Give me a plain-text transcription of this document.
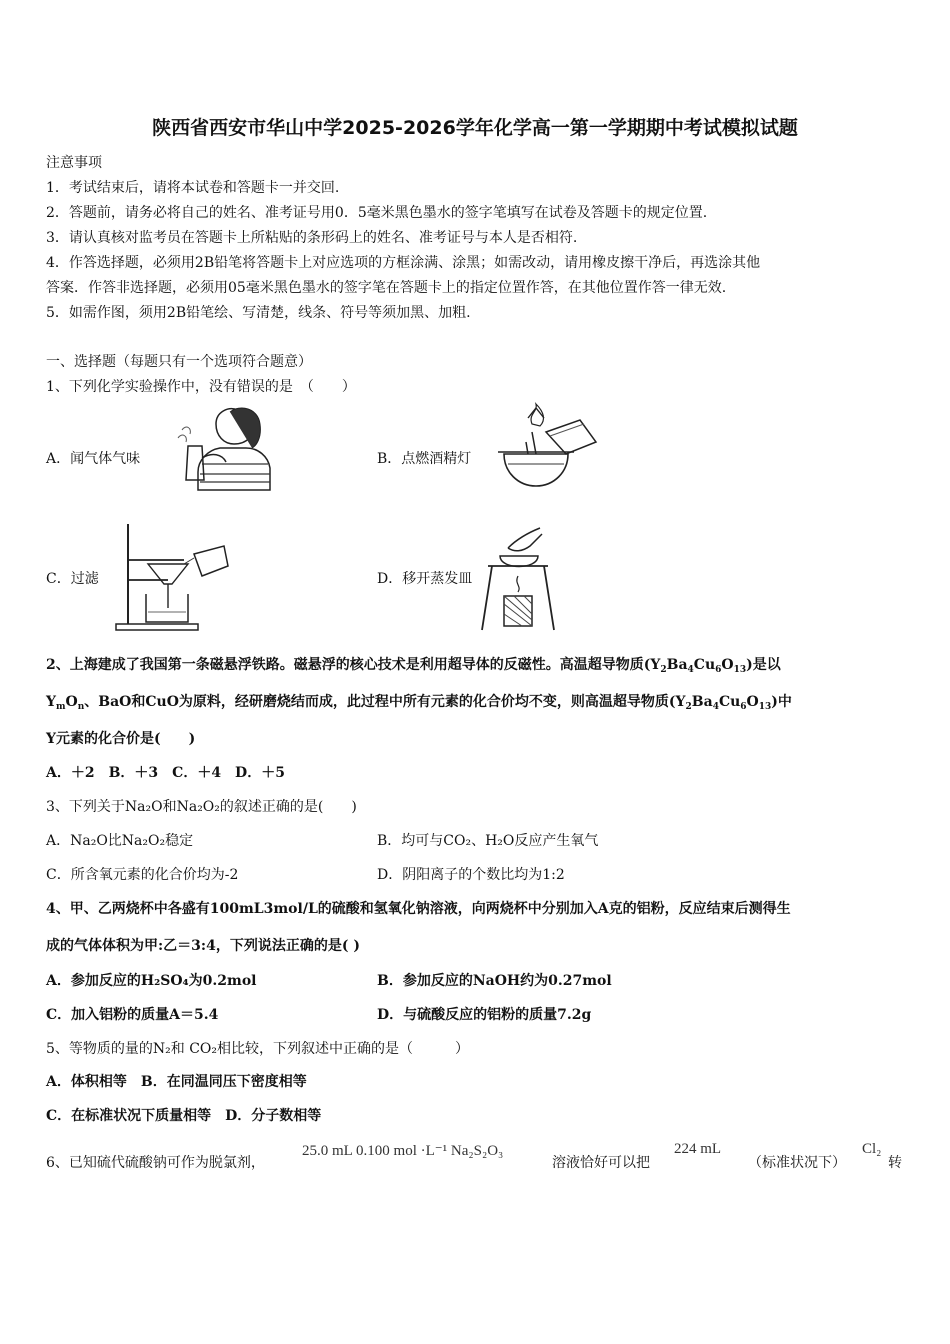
陕西省西安市华山中学2025-2026学年化学高一第一学期期中考试模拟试题
注意事项
1．考试结束后，请将本试卷和答题卡一并交回.
2．答题前，请务必将自己的姓名、准考证号用0．5毫米黑色墨水的签字笔填写在试卷及答题卡的规定位置.
3．请认真核对监考员在答题卡上所粘贴的条形码上的姓名、准考证号与本人是否相符.
4．作答选择题，必须用2B铅笔将答题卡上对应选项的方框涂满、涂黑；如需改动，请用橡皮擦干净后，再选涂其他
答案．作答非选择题，必须用05毫米黑色墨水的签字笔在答题卡上的指定位置作答，在其他位置作答一律无效.
5．如需作图，须用2B铅笔绘、写清楚，线条、符号等须加黑、加粗.
一、选择题（每题只有一个选项符合题意）
1、下列化学实验操作中，没有错误的是　（　　）
A．闻气体气味	B．点燃酒精灯
C．过滤	D．移开蒸发皿
2、上海建成了我国第一条磁悬浮铁路。磁悬浮的核心技术是利用超导体的反磁性。高温超导物质$(Y_2Ba_4Cu_6O_{13})$是以
$Y_mO_n$、BaO和CuO为原料，经研磨烧结而成，此过程中所有元素的化合价均不变，则高温超导物质$(Y_2Ba_4Cu_6O_{13})$中
Y元素的化合价是(　　)
A．＋2　B．＋3　C．＋4　D．＋5
3、下列关于Na₂O和Na₂O₂的叙述正确的是(　　)
A．Na₂O比Na₂O₂稳定	B．均可与CO₂、H₂O反应产生氧气
C．所含氧元素的化合价均为-2	D．阴阳离子的个数比均为1:2
4、甲、乙两烧杯中各盛有100mL3mol/L的硫酸和氢氧化钠溶液，向两烧杯中分别加入A克的铝粉，反应结束后测得生
成的气体体积为甲:乙＝3:4，下列说法正确的是( )
A．参加反应的H₂SO₄为0.2mol	B．参加反应的NaOH约为0.27mol
C．加入铝粉的质量A＝5.4	D．与硫酸反应的铝粉的质量7.2g
5、等物质的量的N₂和 CO₂相比较，下列叙述中正确的是（　　　）
A．体积相等　B．在同温同压下密度相等
C．在标准状况下质量相等　D．分子数相等
6、已知硫代硫酸钠可作为脱氯剂，
25.0 mL 0.100 mol ·L⁻¹ Na₂S₂O₃
溶液恰好可以把
224 mL
（标准状况下）
Cl₂
转
